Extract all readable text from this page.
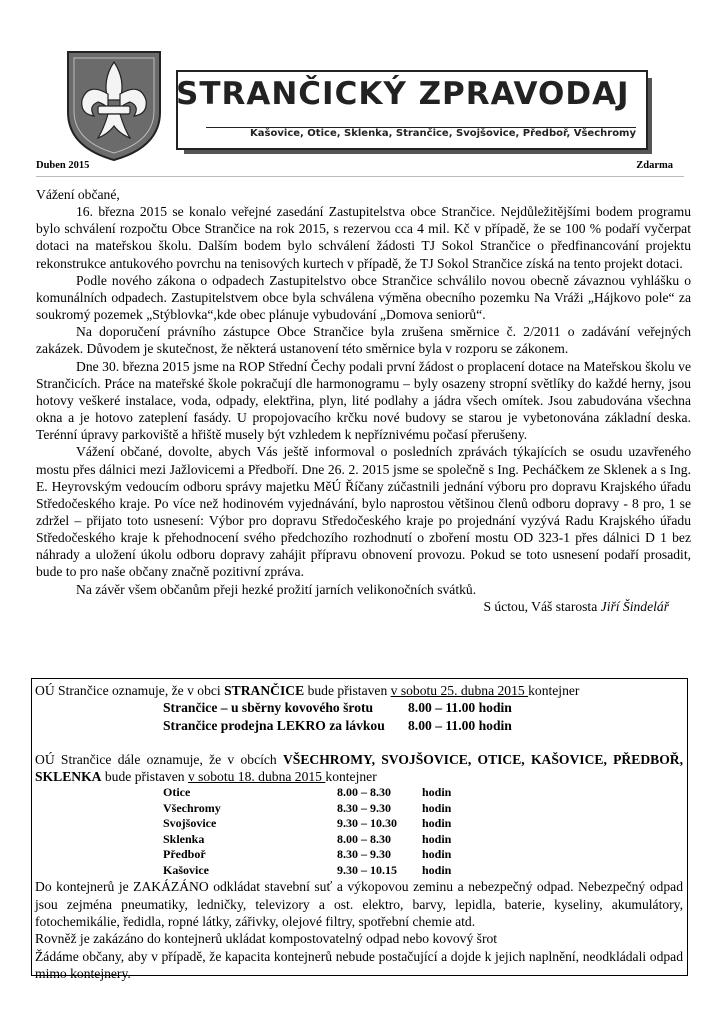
STRANČICKÝ ZPRAVODAJ
Kašovice, Otice, Sklenka, Strančice, Svojšovice, Předboř, Všechromy
Duben 2015	Zdarma

Vážení občané,

16. března 2015 se konalo veřejné zasedání Zastupitelstva obce Strančice. Nejdůležitějšími bodem programu bylo schválení rozpočtu Obce Strančice na rok 2015, s rezervou cca 4 mil. Kč v případě, že se 100 % podaří vyčerpat dotaci na mateřskou školu. Dalším bodem bylo schválení žádosti TJ Sokol Strančice o předfinancování projektu rekonstrukce antukového povrchu na tenisových kurtech v případě, že TJ Sokol Strančice získá na tento projekt dotaci.

Podle nového zákona o odpadech Zastupitelstvo obce Strančice schválilo novou obecně závaznou vyhlášku o komunálních odpadech. Zastupitelstvem obce byla schválena výměna obecního pozemku Na Vráži „Hájkovo pole“ za soukromý pozemek „Stýblovka“,kde obec plánuje vybudování „Domova seniorů“.

Na doporučení právního zástupce Obce Strančice byla zrušena směrnice č. 2/2011 o zadávání veřejných zakázek. Důvodem je skutečnost, že některá ustanovení této směrnice byla v rozporu se zákonem.

Dne 30. března 2015 jsme na ROP Střední Čechy podali první žádost o proplacení dotace na Mateřskou školu ve Strančicích. Práce na mateřské škole pokračují dle harmonogramu – byly osazeny stropní světlíky do každé herny, jsou hotovy veškeré instalace, voda, odpady, elektřina, plyn, lité podlahy a jádra všech omítek. Jsou zabudována všechna okna a je hotovo zateplení fasády. U propojovacího krčku nové budovy se starou je vybetonována základní deska. Terénní úpravy parkoviště a hřiště musely být vzhledem k nepříznivému počasí přerušeny.

Vážení občané, dovolte, abych Vás ještě informoval o posledních zprávách týkajících se osudu uzavřeného mostu přes dálnici mezi Jažlovicemi a Předboří. Dne 26. 2. 2015 jsme se společně s Ing. Pecháčkem ze Sklenek a s Ing. E. Heyrovským vedoucím odboru správy majetku MěÚ Říčany zúčastnili jednání výboru pro dopravu Krajského úřadu Středočeského kraje. Po více než hodinovém vyjednávání, bylo naprostou většinou členů odboru dopravy - 8 pro, 1 se zdržel – přijato toto usnesení: Výbor pro dopravu Středočeského kraje po projednání vyzývá Radu Krajského úřadu Středočeského kraje k přehodnocení svého předchozího rozhodnutí o zboření mostu OD 323-1 přes dálnici D 1 bez náhrady a uložení úkolu odboru dopravy zahájit přípravu obnovení provozu. Pokud se toto usnesení podaří prosadit, bude to pro naše občany značně pozitivní zpráva.

Na závěr všem občanům přeji hezké prožití jarních velikonočních svátků.

S úctou, Váš starosta Jiří Šindelář

OÚ Strančice oznamuje, že v obci STRANČICE bude přistaven v sobotu 25. dubna 2015 kontejner

Strančice – u sběrny kovového šrotu	8.00 – 11.00 hodin
Strančice prodejna LEKRO za lávkou	8.00 – 11.00 hodin

OÚ Strančice dále oznamuje, že v obcích VŠECHROMY, SVOJŠOVICE, OTICE, KAŠOVICE, PŘEDBOŘ, SKLENKA bude přistaven v sobotu 18. dubna 2015 kontejner

Otice	8.00 – 8.30	hodin
Všechromy	8.30 – 9.30	hodin
Svojšovice	9.30 – 10.30	hodin
Sklenka	8.00 – 8.30	hodin
Předboř	8.30 – 9.30	hodin
Kašovice	9.30 – 10.15	hodin

Do kontejnerů je ZAKÁZÁNO odkládat stavební suť a výkopovou zeminu a nebezpečný odpad. Nebezpečný odpad jsou zejména pneumatiky, ledničky, televizory a ost. elektro, barvy, lepidla, baterie, kyseliny, akumulátory, fotochemikálie, ředidla, ropné látky, zářivky, olejové filtry, spotřební chemie atd.

Rovněž je zakázáno do kontejnerů ukládat kompostovatelný odpad nebo kovový šrot

Žádáme občany, aby v případě, že kapacita kontejnerů nebude postačující a dojde k jejich naplnění, neodkládali odpad mimo kontejnery.
